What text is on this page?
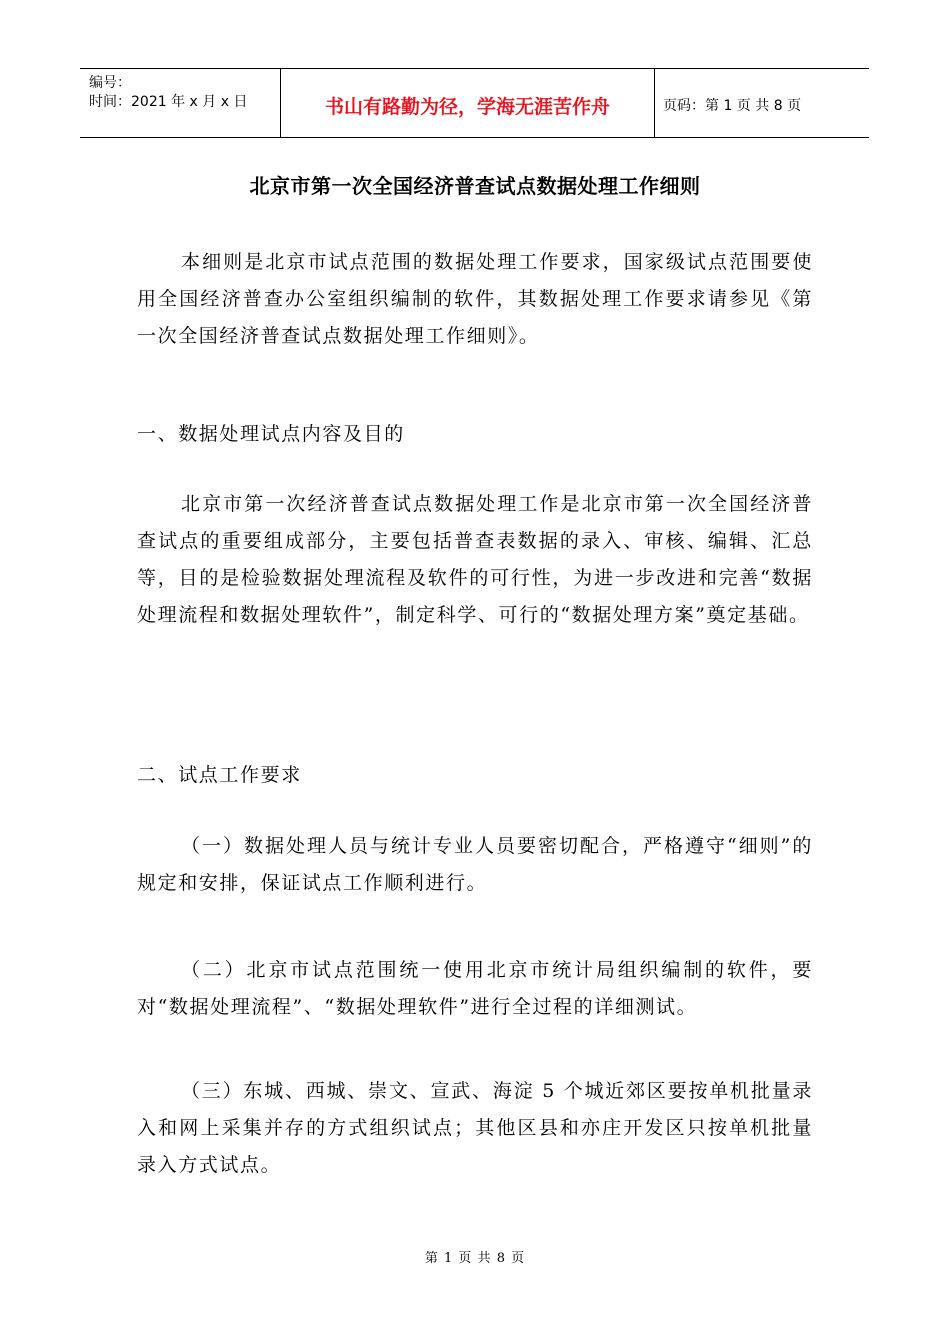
编号：
时间：2021 年 x 月 x 日	书山有路勤为径，学海无涯苦作舟	页码：第 1 页 共 8 页
北京市第一次全国经济普查试点数据处理工作细则

本细则是北京市试点范围的数据处理工作要求，国家级试点范围要使用全国经济普查办公室组织编制的软件，其数据处理工作要求请参见《第一次全国经济普查试点数据处理工作细则》。

一、数据处理试点内容及目的

北京市第一次经济普查试点数据处理工作是北京市第一次全国经济普查试点的重要组成部分，主要包括普查表数据的录入、审核、编辑、汇总等，目的是检验数据处理流程及软件的可行性，为进一步改进和完善“数据处理流程和数据处理软件”，制定科学、可行的“数据处理方案”奠定基础。

二、试点工作要求

（一）数据处理人员与统计专业人员要密切配合，严格遵守“细则”的规定和安排，保证试点工作顺利进行。

（二）北京市试点范围统一使用北京市统计局组织编制的软件，要对“数据处理流程”、“数据处理软件”进行全过程的详细测试。

（三）东城、西城、崇文、宣武、海淀 5 个城近郊区要按单机批量录入和网上采集并存的方式组织试点；其他区县和亦庄开发区只按单机批量录入方式试点。

第 1 页 共 8 页
